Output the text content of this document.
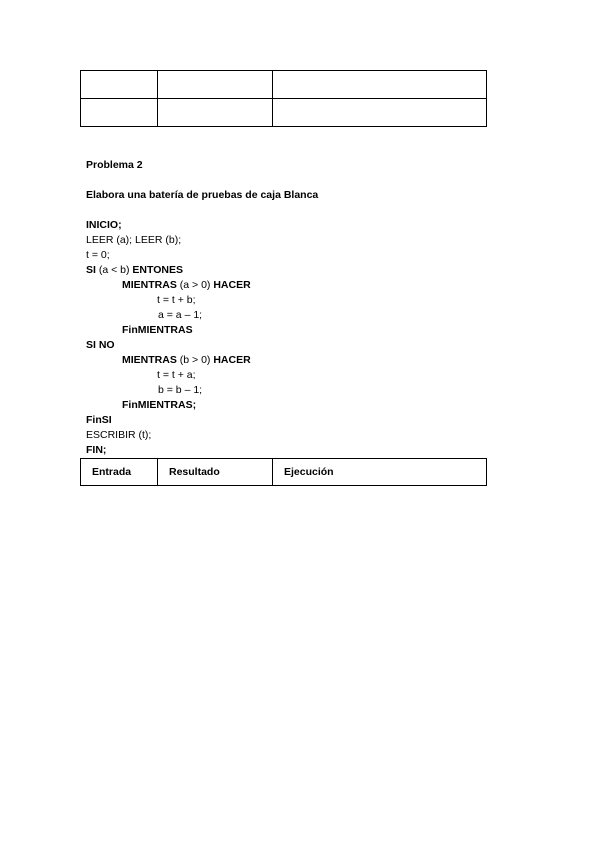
Problema 2

Elabora una batería de pruebas de caja Blanca

INICIO;

LEER (a); LEER (b);

t = 0;

SI (a < b) ENTONES

MIENTRAS (a > 0) HACER

t = t + b;

a = a – 1;

FinMIENTRAS

SI NO

MIENTRAS (b > 0) HACER

t = t + a;

b = b – 1;

FinMIENTRAS;

FinSI

ESCRIBIR (t);

FIN;

Entrada	Resultado	Ejecución
